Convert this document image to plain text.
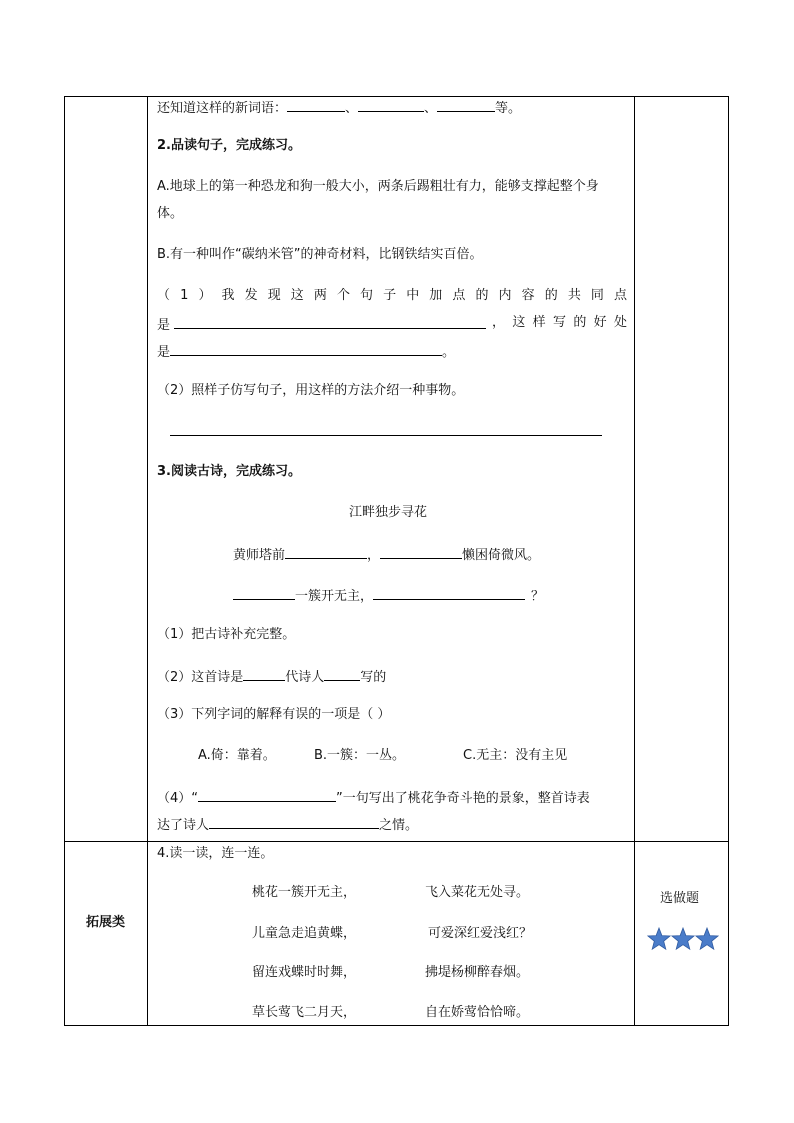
还知道这样的新词语：	、	、	等。
2.品读句子，完成练习。
A.地球上的第一种恐龙和狗一般大小，两条后踢粗壮有力，能够支撑起整个身
体。
B.有一种叫作“碳纳米管”的神奇材料，比钢铁结实百倍。
（1）我发现这两个句子中加点的内容的共同点
是	，这样写的好处
是	。
（2）照样子仿写句子，用这样的方法介绍一种事物。
3.阅读古诗，完成练习。
江畔独步寻花
黄师塔前	，	懒困倚微风。
一簇开无主，	？
（1）把古诗补充完整。
（2）这首诗是	代诗人	写的
（3）下列字词的解释有误的一项是（ ）
A.倚：靠着。	B.一簇：一丛。	C.无主：没有主见
（4）“	”一句写出了桃花争奇斗艳的景象，整首诗表
达了诗人	之情。
拓展类
4.读一读，连一连。
桃花一簇开无主，	飞入菜花无处寻。
儿童急走追黄蝶，	可爱深红爱浅红？
留连戏蝶时时舞，	拂堤杨柳醉春烟。
草长莺飞二月天，	自在娇莺恰恰啼。
选做题
